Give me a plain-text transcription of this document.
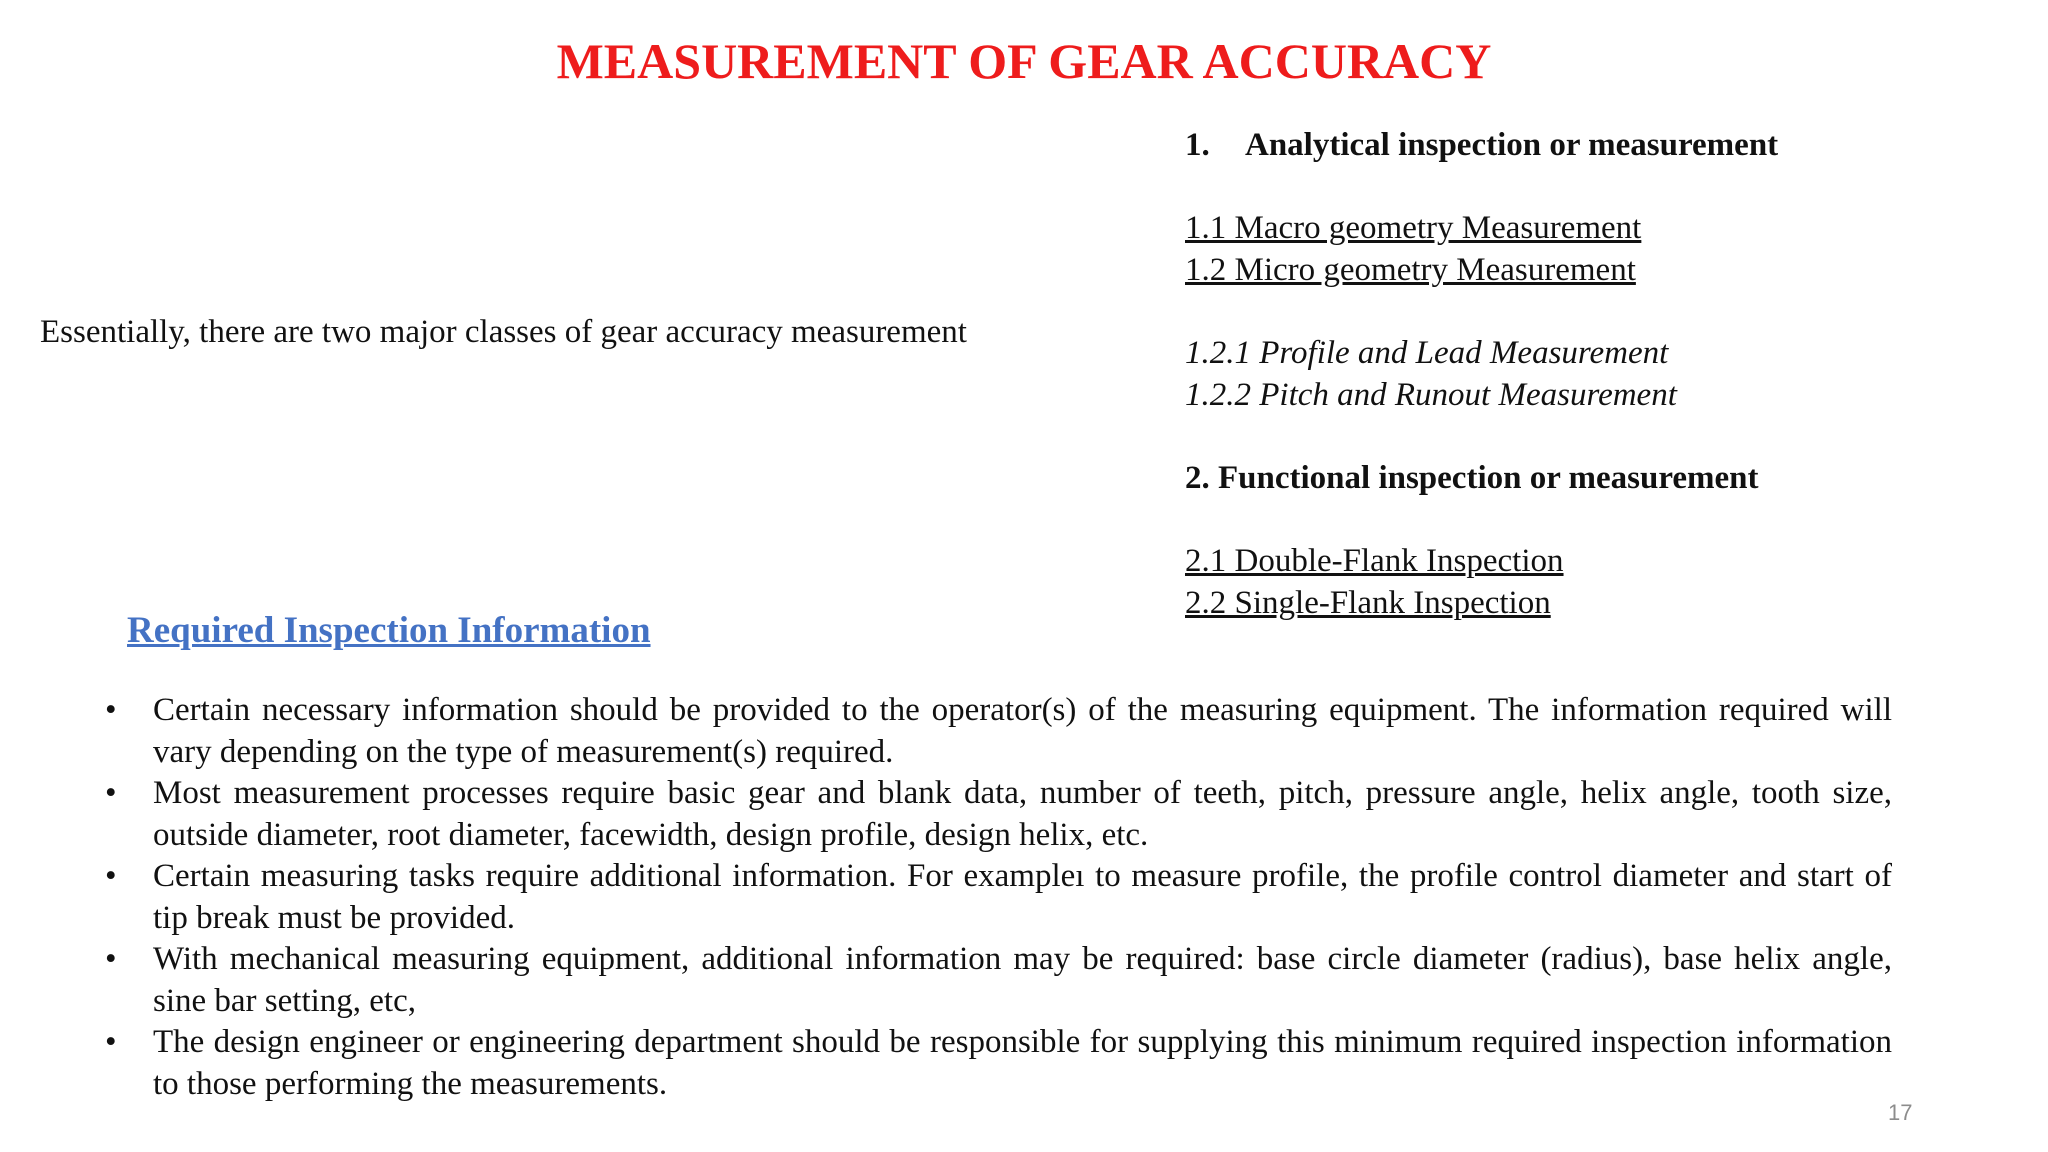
MEASUREMENT OF GEAR ACCURACY

Essentially, there are two major classes of gear accuracy measurement

1. Analytical inspection or measurement
1.1 Macro geometry Measurement
1.2 Micro geometry Measurement
1.2.1 Profile and Lead Measurement
1.2.2 Pitch and Runout Measurement
2. Functional inspection or measurement
2.1 Double-Flank Inspection
2.2 Single-Flank Inspection
Required Inspection Information
• Certain necessary information should be provided to the operator(s) of the measuring equipment. The information required will vary depending on the type of measurement(s) required.
• Most measurement processes require basic gear and blank data, number of teeth, pitch, pressure angle, helix angle, tooth size, outside diameter, root diameter, facewidth, design profile, design helix, etc.
• Certain measuring tasks require additional information. For exampleı to measure profile, the profile control diameter and start of tip break must be provided.
• With mechanical measuring equipment, additional information may be required: base circle diameter (radius), base helix angle, sine bar setting, etc,
• The design engineer or engineering department should be responsible for supplying this minimum required inspection information to those performing the measurements.
17
